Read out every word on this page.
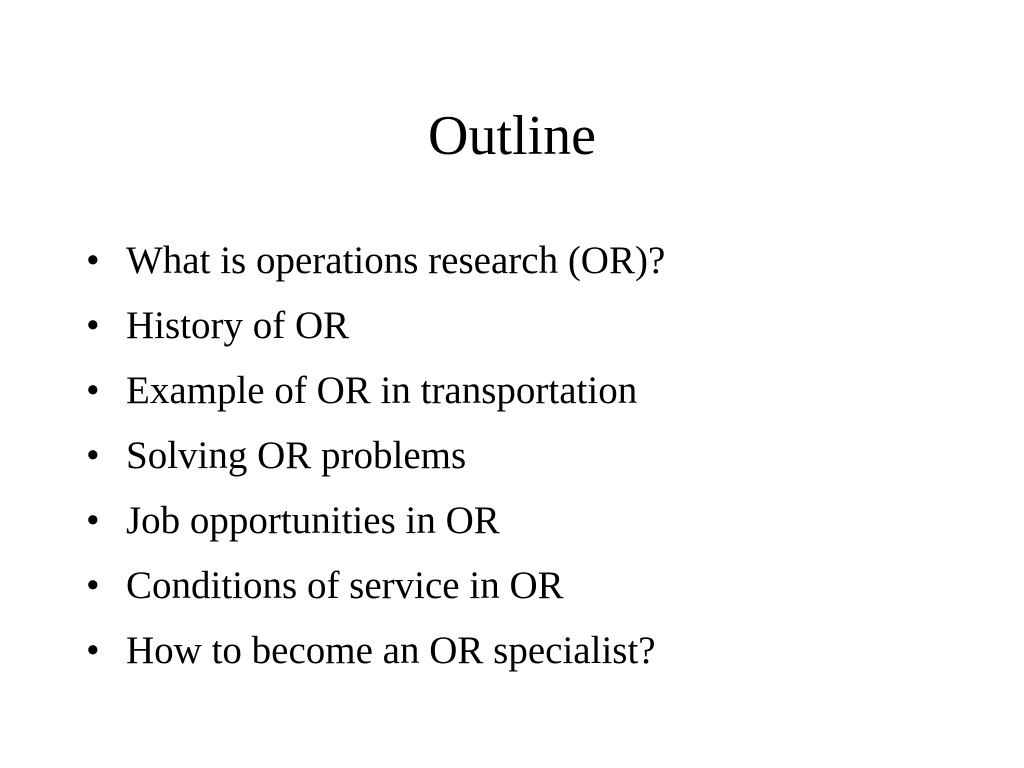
Outline
• What is operations research (OR)?
• History of OR
• Example of OR in transportation
• Solving OR problems
• Job opportunities in OR
• Conditions of service in OR
• How to become an OR specialist?
